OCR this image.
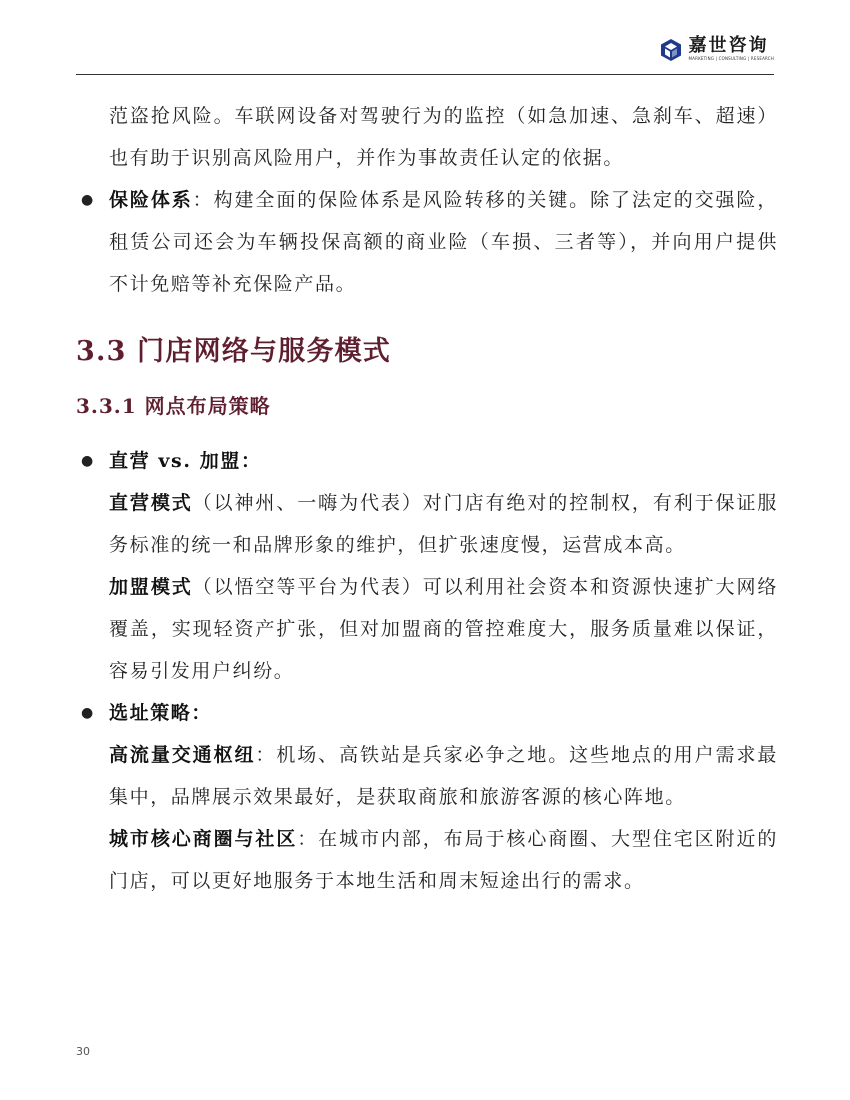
嘉世咨询
MARKETING | CONSULTING | RESEARCH

范盗抢风险。车联网设备对驾驶行为的监控（如急加速、急刹车、超速）也有助于识别高风险用户，并作为事故责任认定的依据。

● 保险体系：构建全面的保险体系是风险转移的关键。除了法定的交强险，租赁公司还会为车辆投保高额的商业险（车损、三者等），并向用户提供不计免赔等补充保险产品。

3.3 门店网络与服务模式
3.3.1 网点布局策略

● 直营 vs. 加盟：

直营模式（以神州、一嗨为代表）对门店有绝对的控制权，有利于保证服务标准的统一和品牌形象的维护，但扩张速度慢，运营成本高。

加盟模式（以悟空等平台为代表）可以利用社会资本和资源快速扩大网络覆盖，实现轻资产扩张，但对加盟商的管控难度大，服务质量难以保证，容易引发用户纠纷。

● 选址策略：

高流量交通枢纽：机场、高铁站是兵家必争之地。这些地点的用户需求最集中，品牌展示效果最好，是获取商旅和旅游客源的核心阵地。

城市核心商圈与社区：在城市内部，布局于核心商圈、大型住宅区附近的门店，可以更好地服务于本地生活和周末短途出行的需求。

30
